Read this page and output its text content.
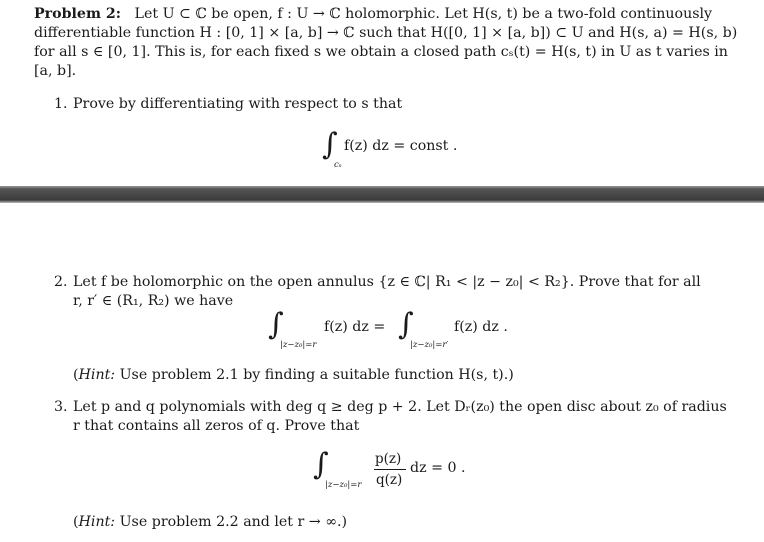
Problem 2: Let U ⊂ ℂ be open, f : U → ℂ holomorphic. Let H(s, t) be a two-fold continuously
differentiable function H : [0, 1] × [a, b] → ℂ such that H([0, 1] × [a, b]) ⊂ U and H(s, a) = H(s, b)
for all s ∈ [0, 1]. This is, for each fixed s we obtain a closed path cₛ(t) = H(s, t) in U as t varies in
[a, b].
1. Prove by differentiating with respect to s that
∫
cₛ
f(z) dz = const .
2. Let f be holomorphic on the open annulus {z ∈ ℂ| R₁ < |z − z₀| < R₂}. Prove that for all
r, r′ ∈ (R₁, R₂) we have
∫
|z−z₀|=r
f(z) dz = ∫
|z−z₀|=r′
f(z) dz .
(Hint: Use problem 2.1 by finding a suitable function H(s, t).)
3. Let p and q polynomials with deg q ≥ deg p + 2. Let Dᵣ(z₀) the open disc about z₀ of radius
r that contains all zeros of q. Prove that
∫
|z−z₀|=r
p(z)
q(z)
dz = 0 .
(Hint: Use problem 2.2 and let r → ∞.)
